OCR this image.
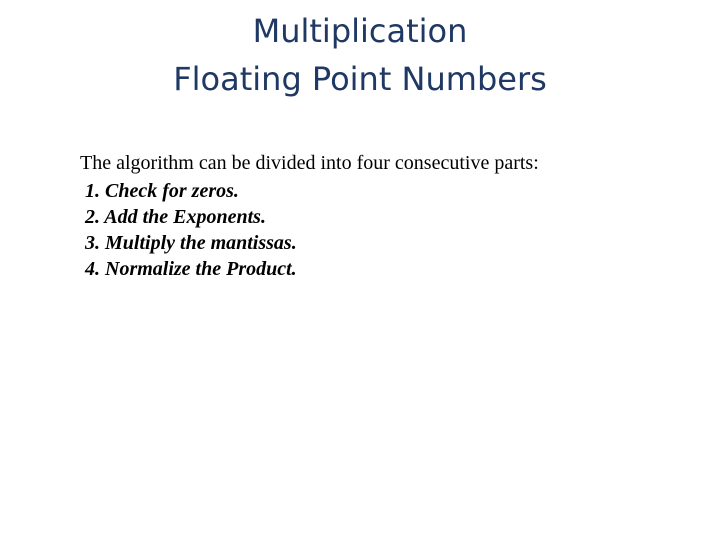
Multiplication
Floating Point Numbers
The algorithm can be divided into four consecutive parts:
1. Check for zeros.
2. Add the Exponents.
3. Multiply the mantissas.
4. Normalize the Product.
